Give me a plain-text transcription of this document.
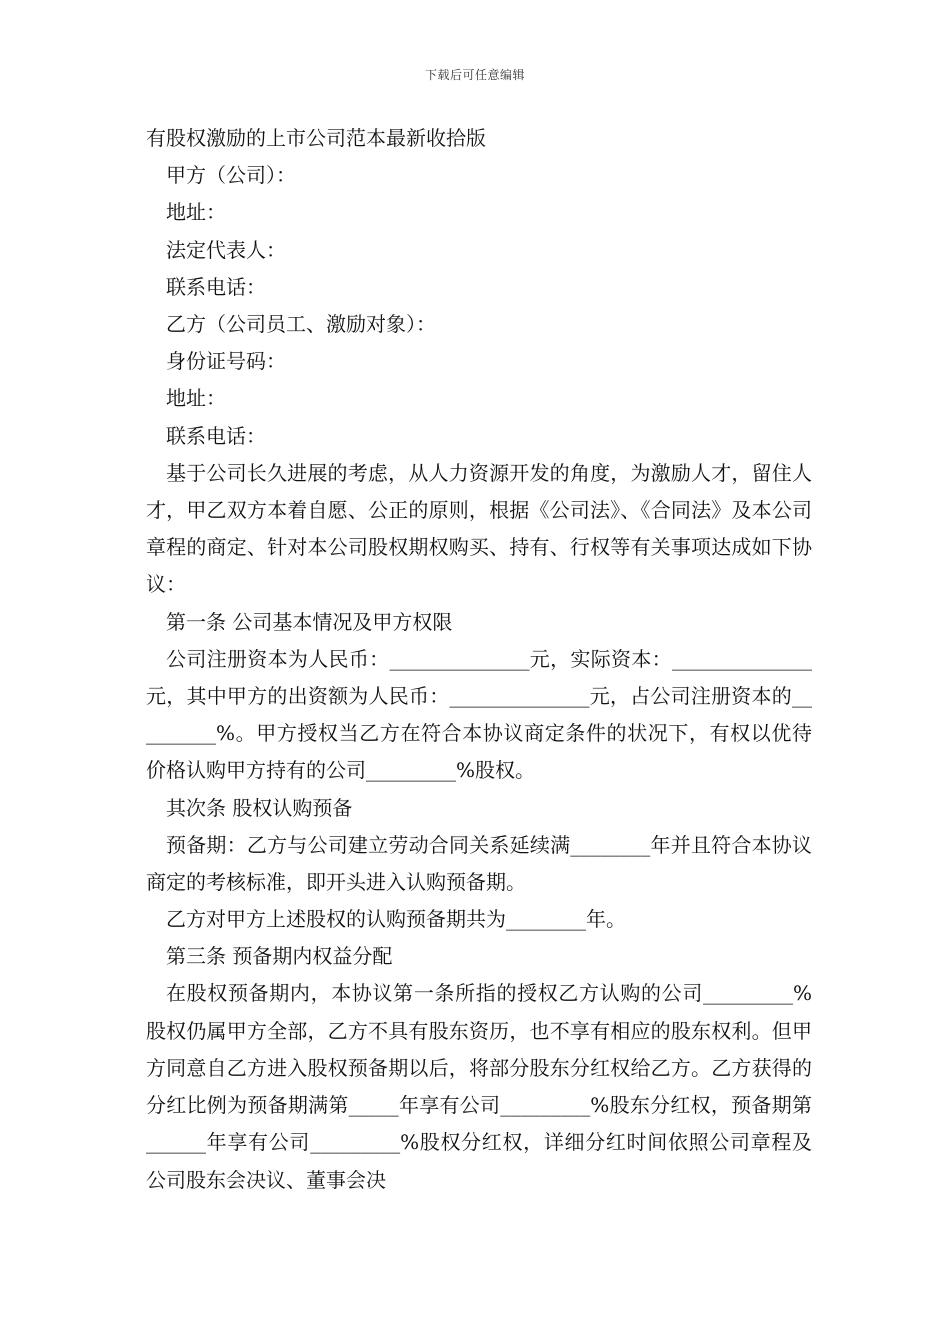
下载后可任意编辑

有股权激励的上市公司范本最新收拾版

甲方（公司）：

地址：

法定代表人：

联系电话：

乙方（公司员工、激励对象）：

身份证号码：

地址：

联系电话：

基于公司长久进展的考虑，从人力资源开发的角度，为激励人才，留住人才，甲乙双方本着自愿、公正的原则，根据《公司法》、《合同法》及本公司章程的商定、针对本公司股权期权购买、持有、行权等有关事项达成如下协议：

第一条 公司基本情况及甲方权限

公司注册资本为人民币：______________元，实际资本：______________元，其中甲方的出资额为人民币：______________元，占公司注册资本的_________%。甲方授权当乙方在符合本协议商定条件的状况下，有权以优待价格认购甲方持有的公司_________%股权。

其次条 股权认购预备

预备期：乙方与公司建立劳动合同关系延续满________年并且符合本协议商定的考核标准，即开头进入认购预备期。

乙方对甲方上述股权的认购预备期共为________年。

第三条 预备期内权益分配

在股权预备期内，本协议第一条所指的授权乙方认购的公司_________%股权仍属甲方全部，乙方不具有股东资历，也不享有相应的股东权利。但甲方同意自乙方进入股权预备期以后，将部分股东分红权给乙方。乙方获得的分红比例为预备期满第_____年享有公司_________%股东分红权，预备期第______年享有公司_________%股权分红权，详细分红时间依照公司章程及公司股东会决议、董事会决
